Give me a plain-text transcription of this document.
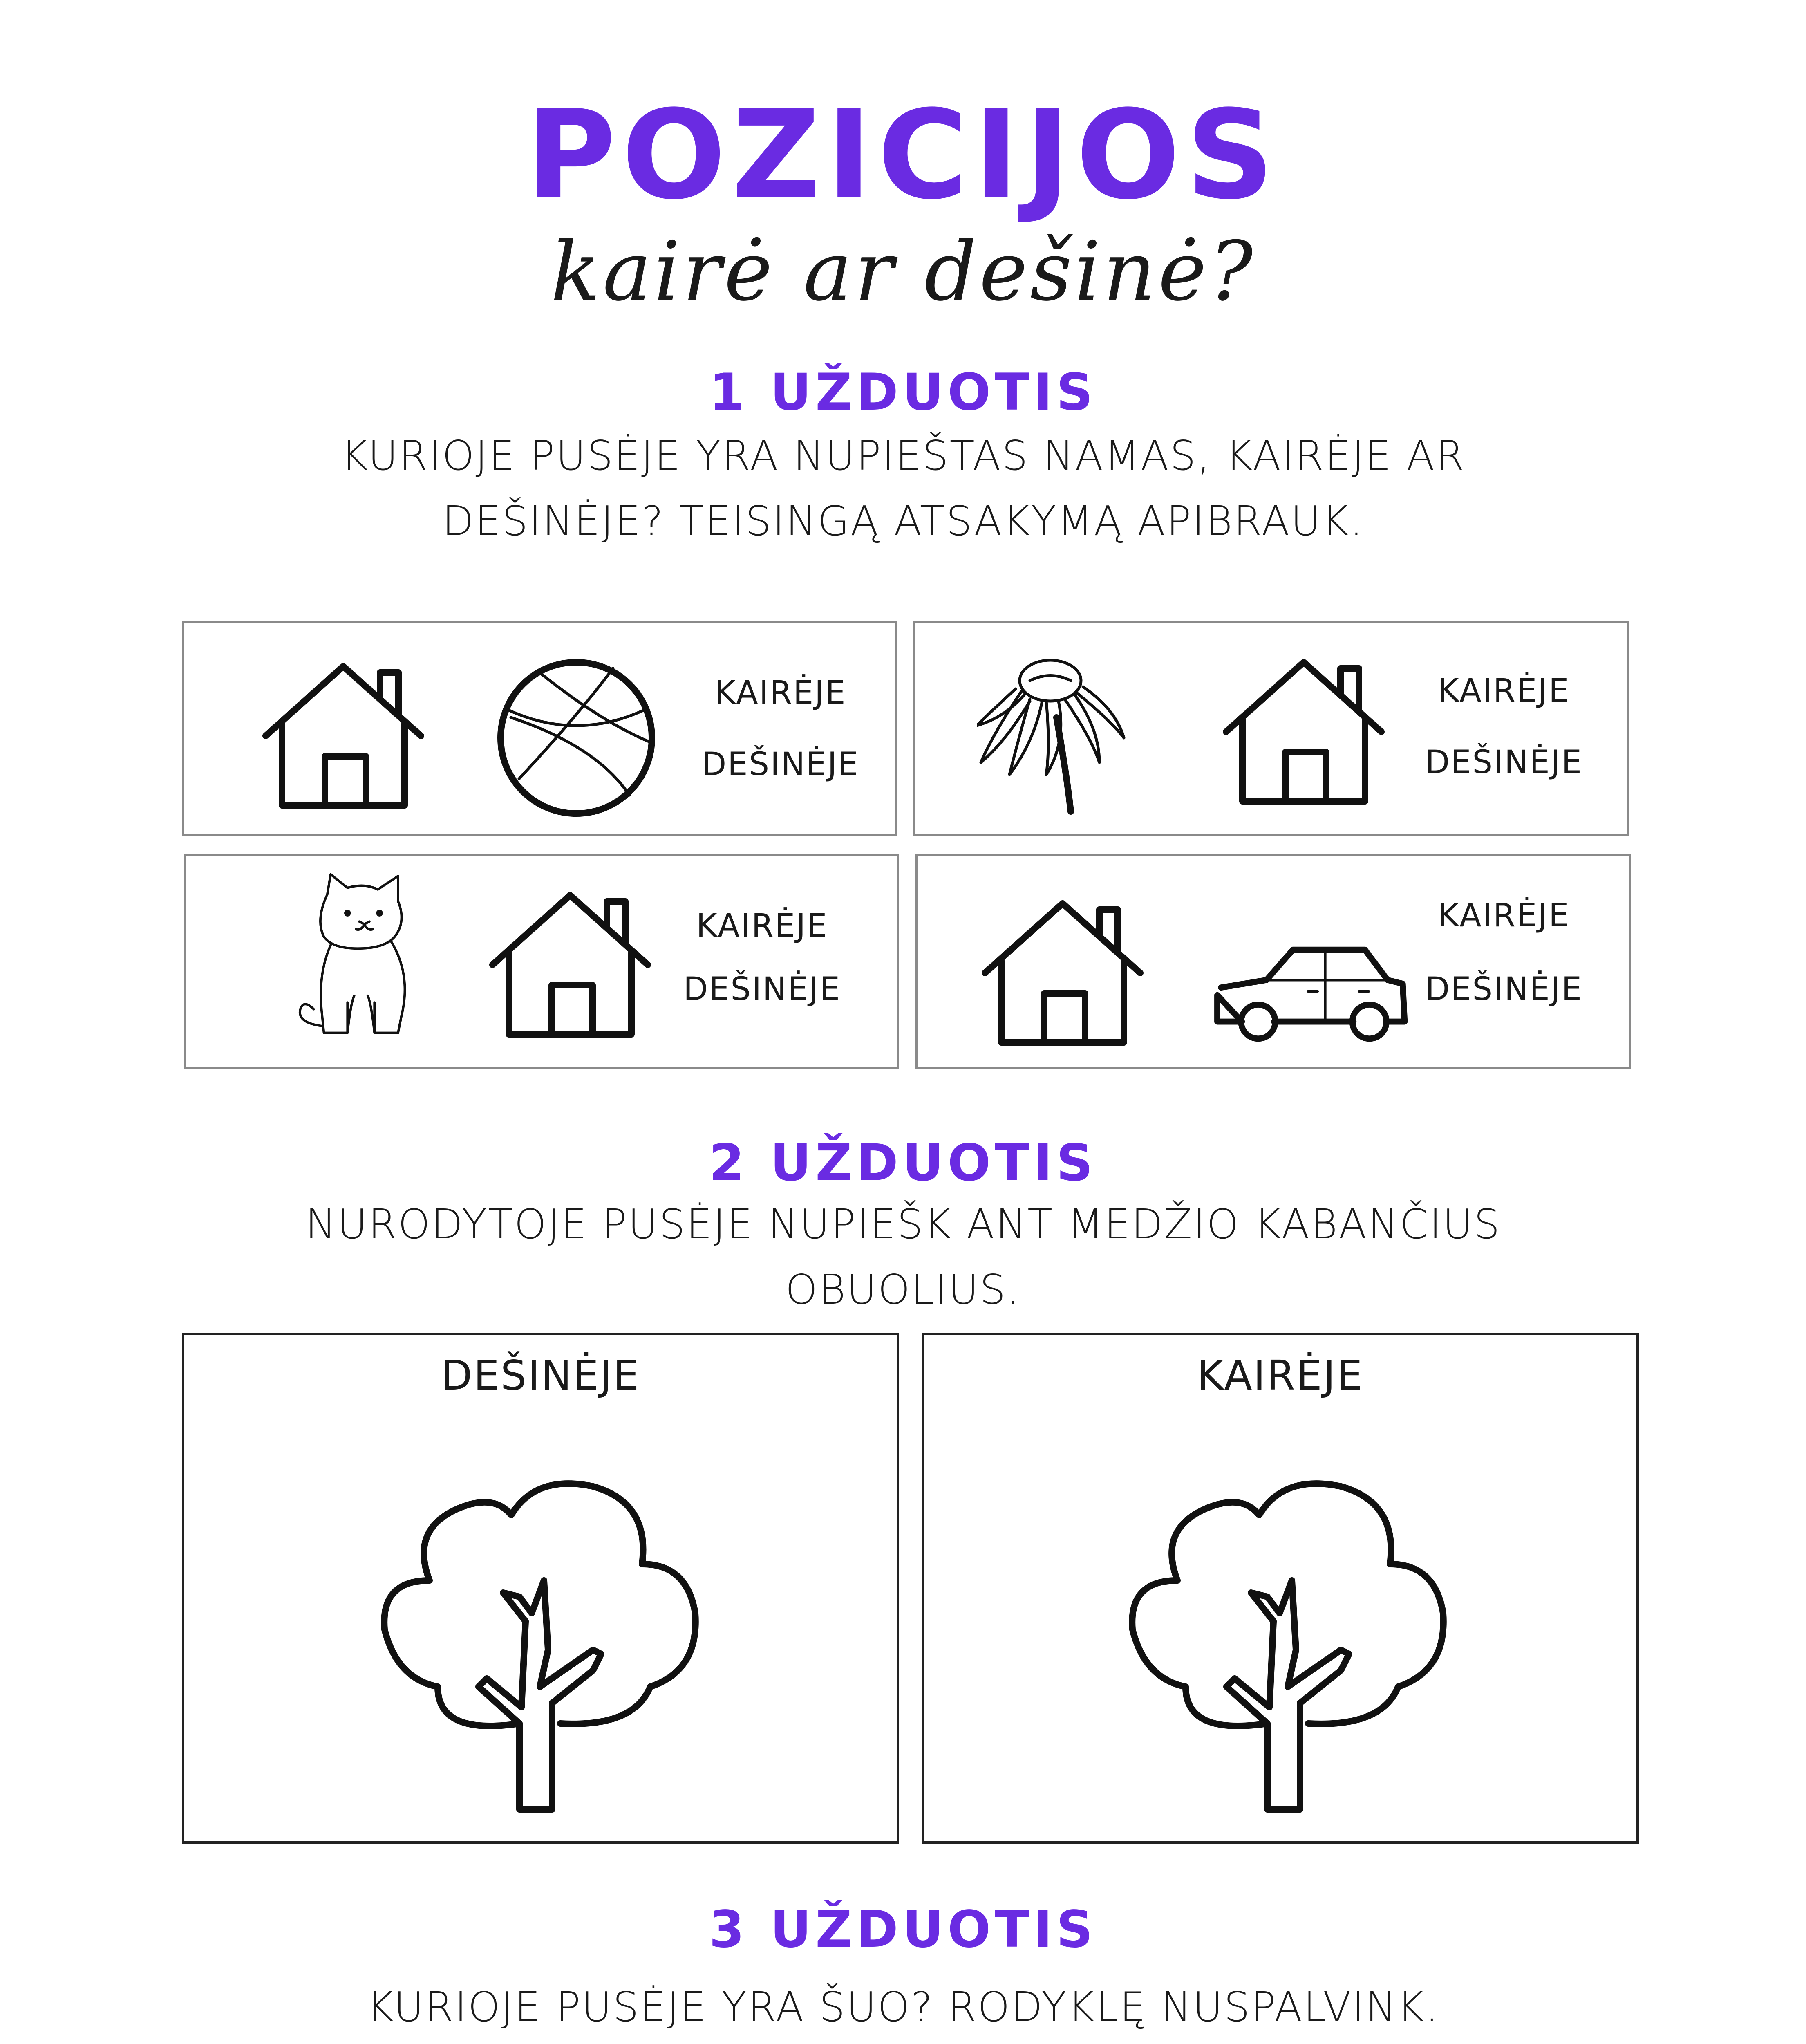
POZICIJOS
kairė ar dešinė?
1 UŽDUOTIS
KURIOJE PUSĖJE YRA NUPIEŠTAS NAMAS, KAIRĖJE AR
DEŠINĖJE? TEISINGĄ ATSAKYMĄ APIBRAUK.
KAIRĖJE
DEŠINĖJE
KAIRĖJE
DEŠINĖJE
KAIRĖJE
DEŠINĖJE
KAIRĖJE
DEŠINĖJE
2 UŽDUOTIS
NURODYTOJE PUSĖJE NUPIEŠK ANT MEDŽIO KABANČIUS
OBUOLIUS.
DEŠINĖJE	KAIRĖJE
3 UŽDUOTIS
KURIOJE PUSĖJE YRA ŠUO? RODYKLĘ NUSPALVINK.
